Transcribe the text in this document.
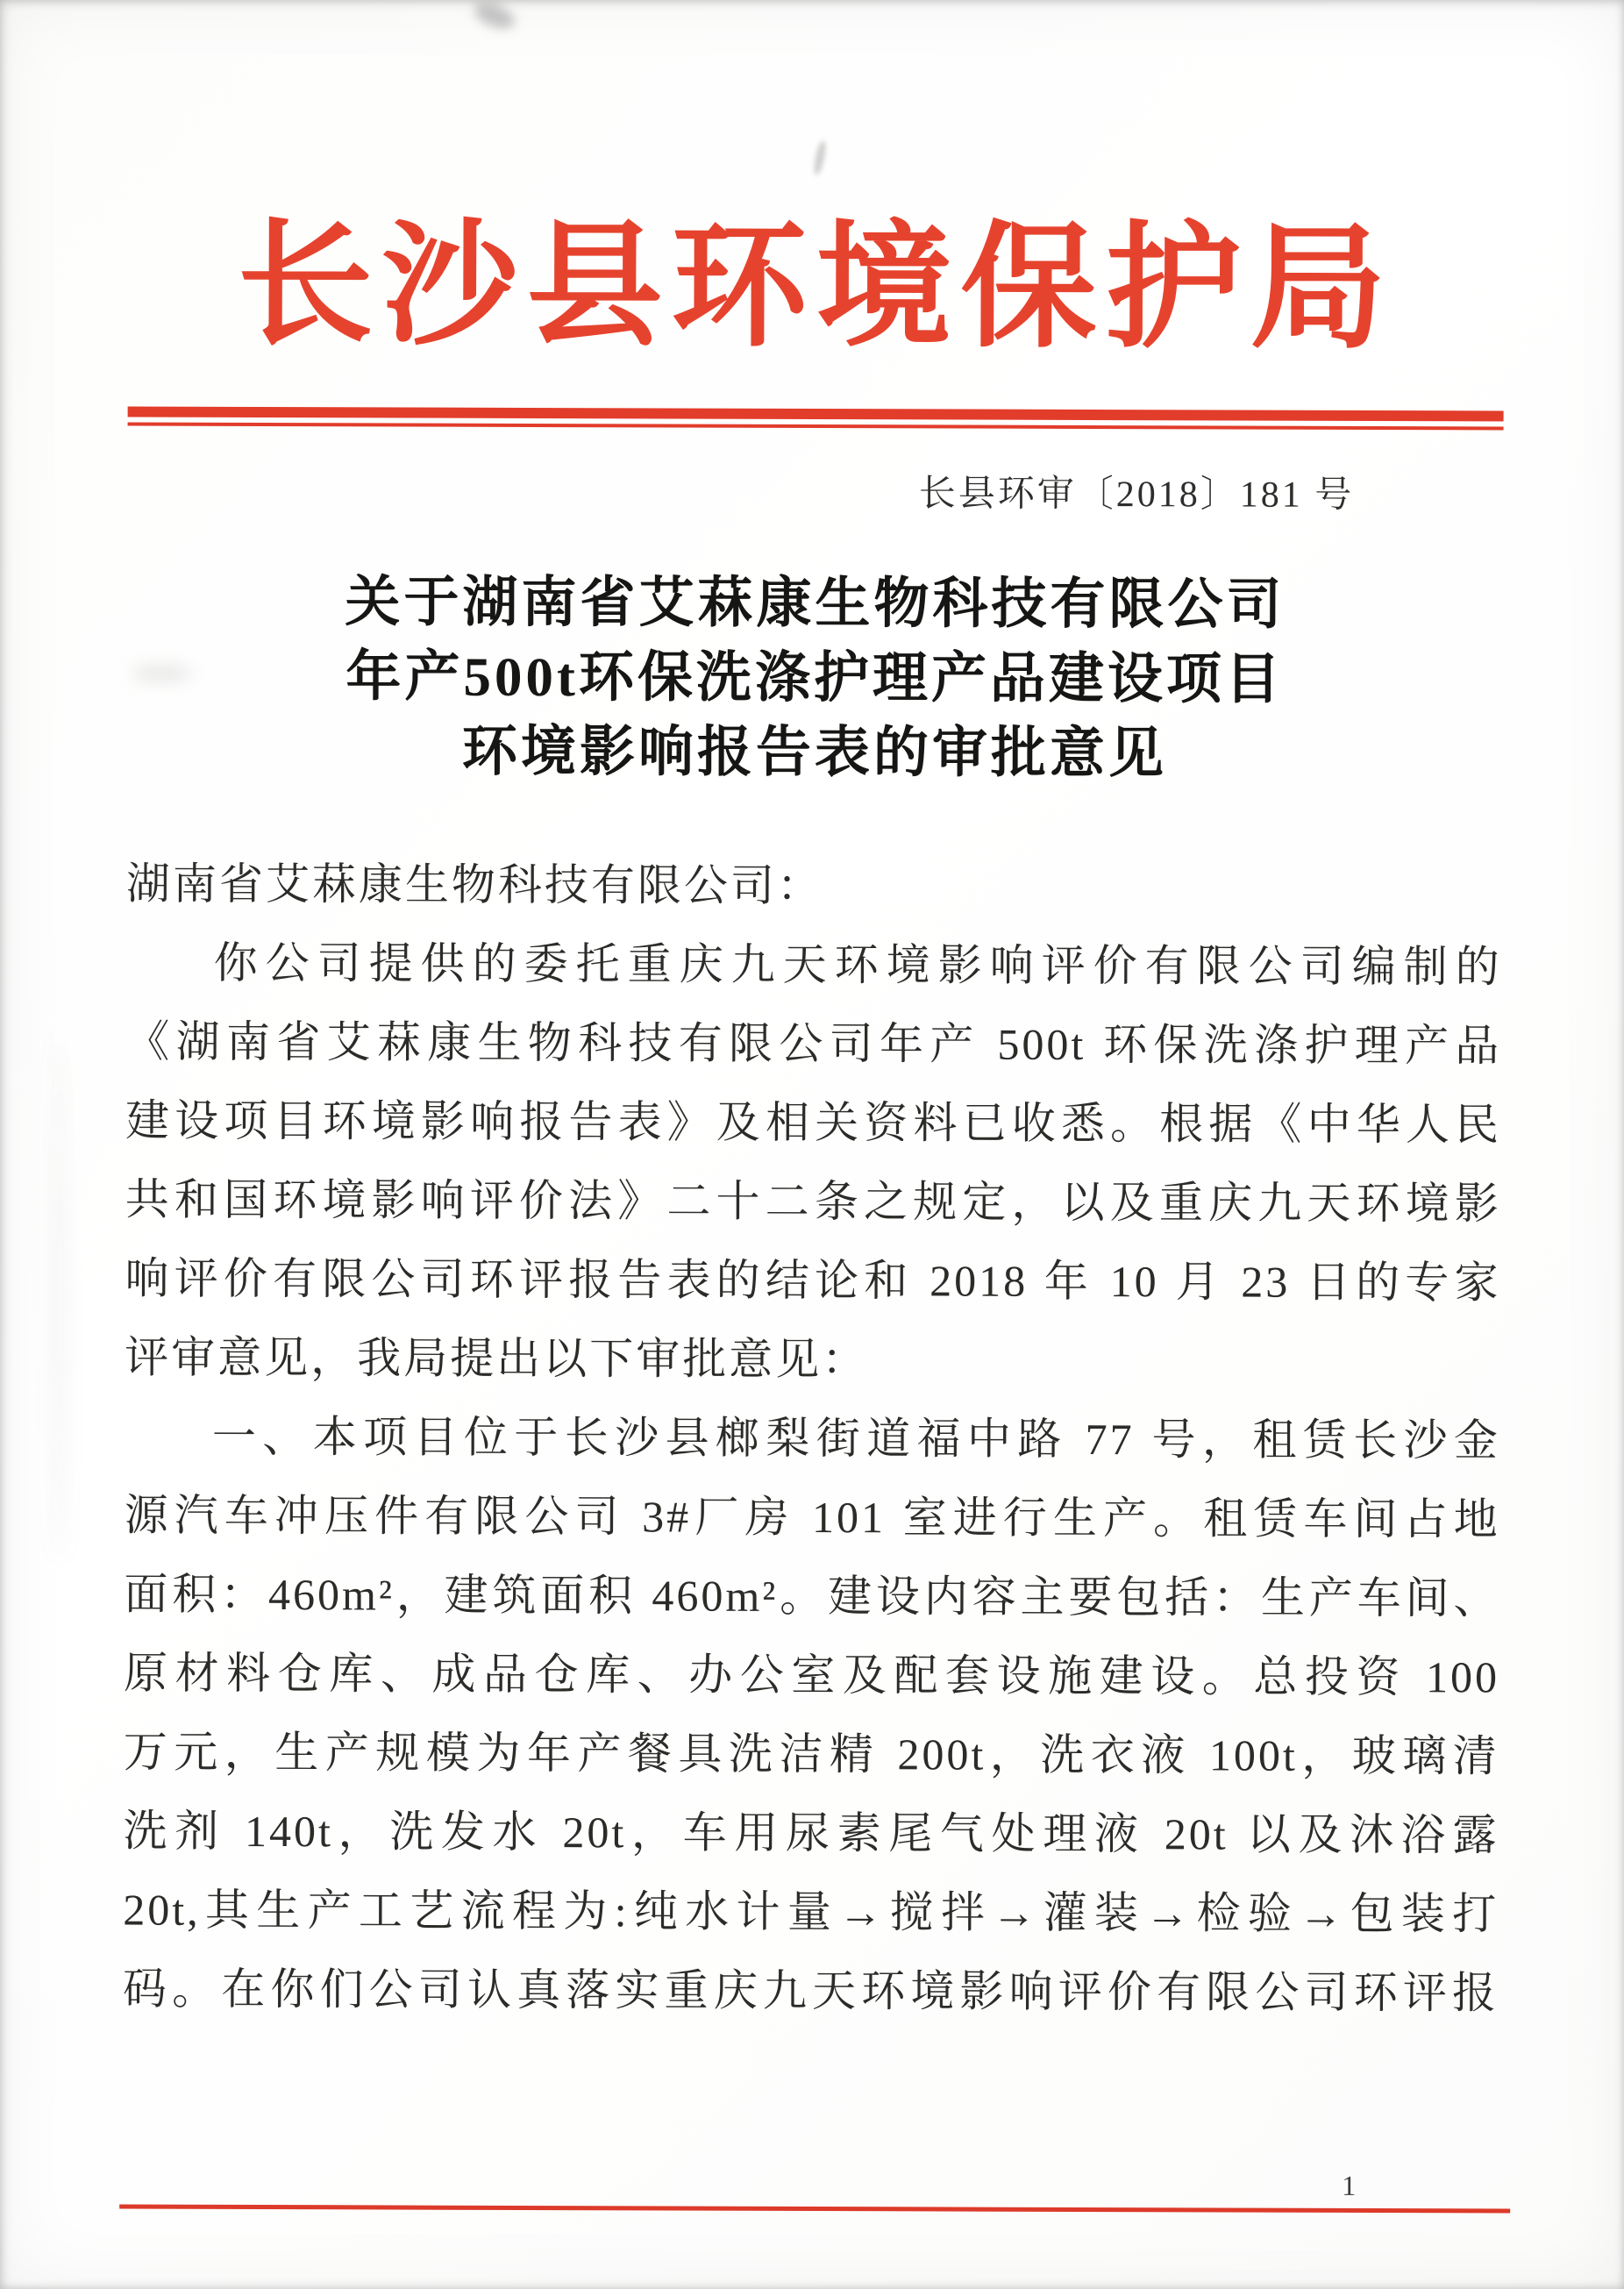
长沙县环境保护局
长县环审〔2018〕181 号
关于湖南省艾菻康生物科技有限公司
年产500t环保洗涤护理产品建设项目
环境影响报告表的审批意见
湖南省艾菻康生物科技有限公司：
你公司提供的委托重庆九天环境影响评价有限公司编制的
《湖南省艾菻康生物科技有限公司年产 500t 环保洗涤护理产品
建设项目环境影响报告表》及相关资料已收悉。根据《中华人民
共和国环境影响评价法》二十二条之规定，以及重庆九天环境影
响评价有限公司环评报告表的结论和 2018 年 10 月 23 日的专家
评审意见，我局提出以下审批意见：
一、本项目位于长沙县榔梨街道福中路 77 号，租赁长沙金
源汽车冲压件有限公司 3#厂房 101 室进行生产。租赁车间占地
面积：460m²，建筑面积 460m²。建设内容主要包括：生产车间、
原材料仓库、成品仓库、办公室及配套设施建设。总投资 100
万元，生产规模为年产餐具洗洁精 200t，洗衣液 100t，玻璃清
洗剂 140t，洗发水 20t，车用尿素尾气处理液 20t 以及沐浴露
20t,其生产工艺流程为:纯水计量→搅拌→灌装→检验→包装打
码。在你们公司认真落实重庆九天环境影响评价有限公司环评报
1
